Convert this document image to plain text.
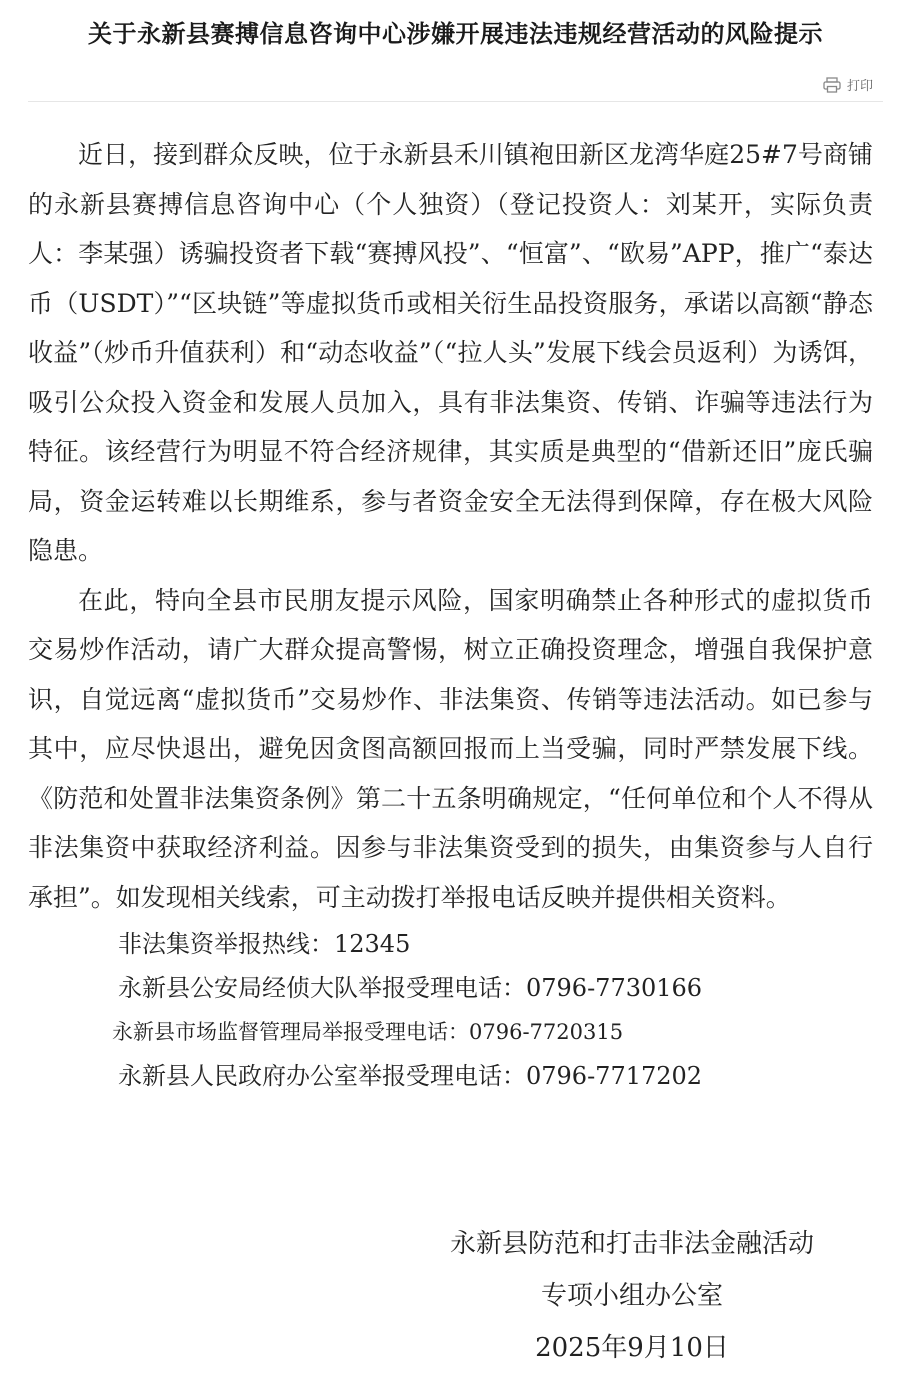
关于永新县赛搏信息咨询中心涉嫌开展违法违规经营活动的风险提示
打印

近日，接到群众反映，位于永新县禾川镇袍田新区龙湾华庭25#7号商铺的永新县赛搏信息咨询中心（个人独资）（登记投资人：刘某开，实际负责人：李某强）诱骗投资者下载“赛搏风投”、“恒富”、“欧易”APP，推广“泰达币（USDT）”“区块链”等虚拟货币或相关衍生品投资服务，承诺以高额“静态收益”（炒币升值获利）和“动态收益”（“拉人头”发展下线会员返利）为诱饵，吸引公众投入资金和发展人员加入，具有非法集资、传销、诈骗等违法行为特征。该经营行为明显不符合经济规律，其实质是典型的“借新还旧”庞氏骗局，资金运转难以长期维系，参与者资金安全无法得到保障，存在极大风险隐患。

在此，特向全县市民朋友提示风险，国家明确禁止各种形式的虚拟货币交易炒作活动，请广大群众提高警惕，树立正确投资理念，增强自我保护意识，自觉远离“虚拟货币”交易炒作、非法集资、传销等违法活动。如已参与其中，应尽快退出，避免因贪图高额回报而上当受骗，同时严禁发展下线。《防范和处置非法集资条例》第二十五条明确规定，“任何单位和个人不得从非法集资中获取经济利益。因参与非法集资受到的损失，由集资参与人自行承担”。如发现相关线索，可主动拨打举报电话反映并提供相关资料。

非法集资举报热线：12345

永新县公安局经侦大队举报受理电话：0796-7730166

永新县市场监督管理局举报受理电话：0796-7720315

永新县人民政府办公室举报受理电话：0796-7717202

永新县防范和打击非法金融活动
专项小组办公室
2025年9月10日
